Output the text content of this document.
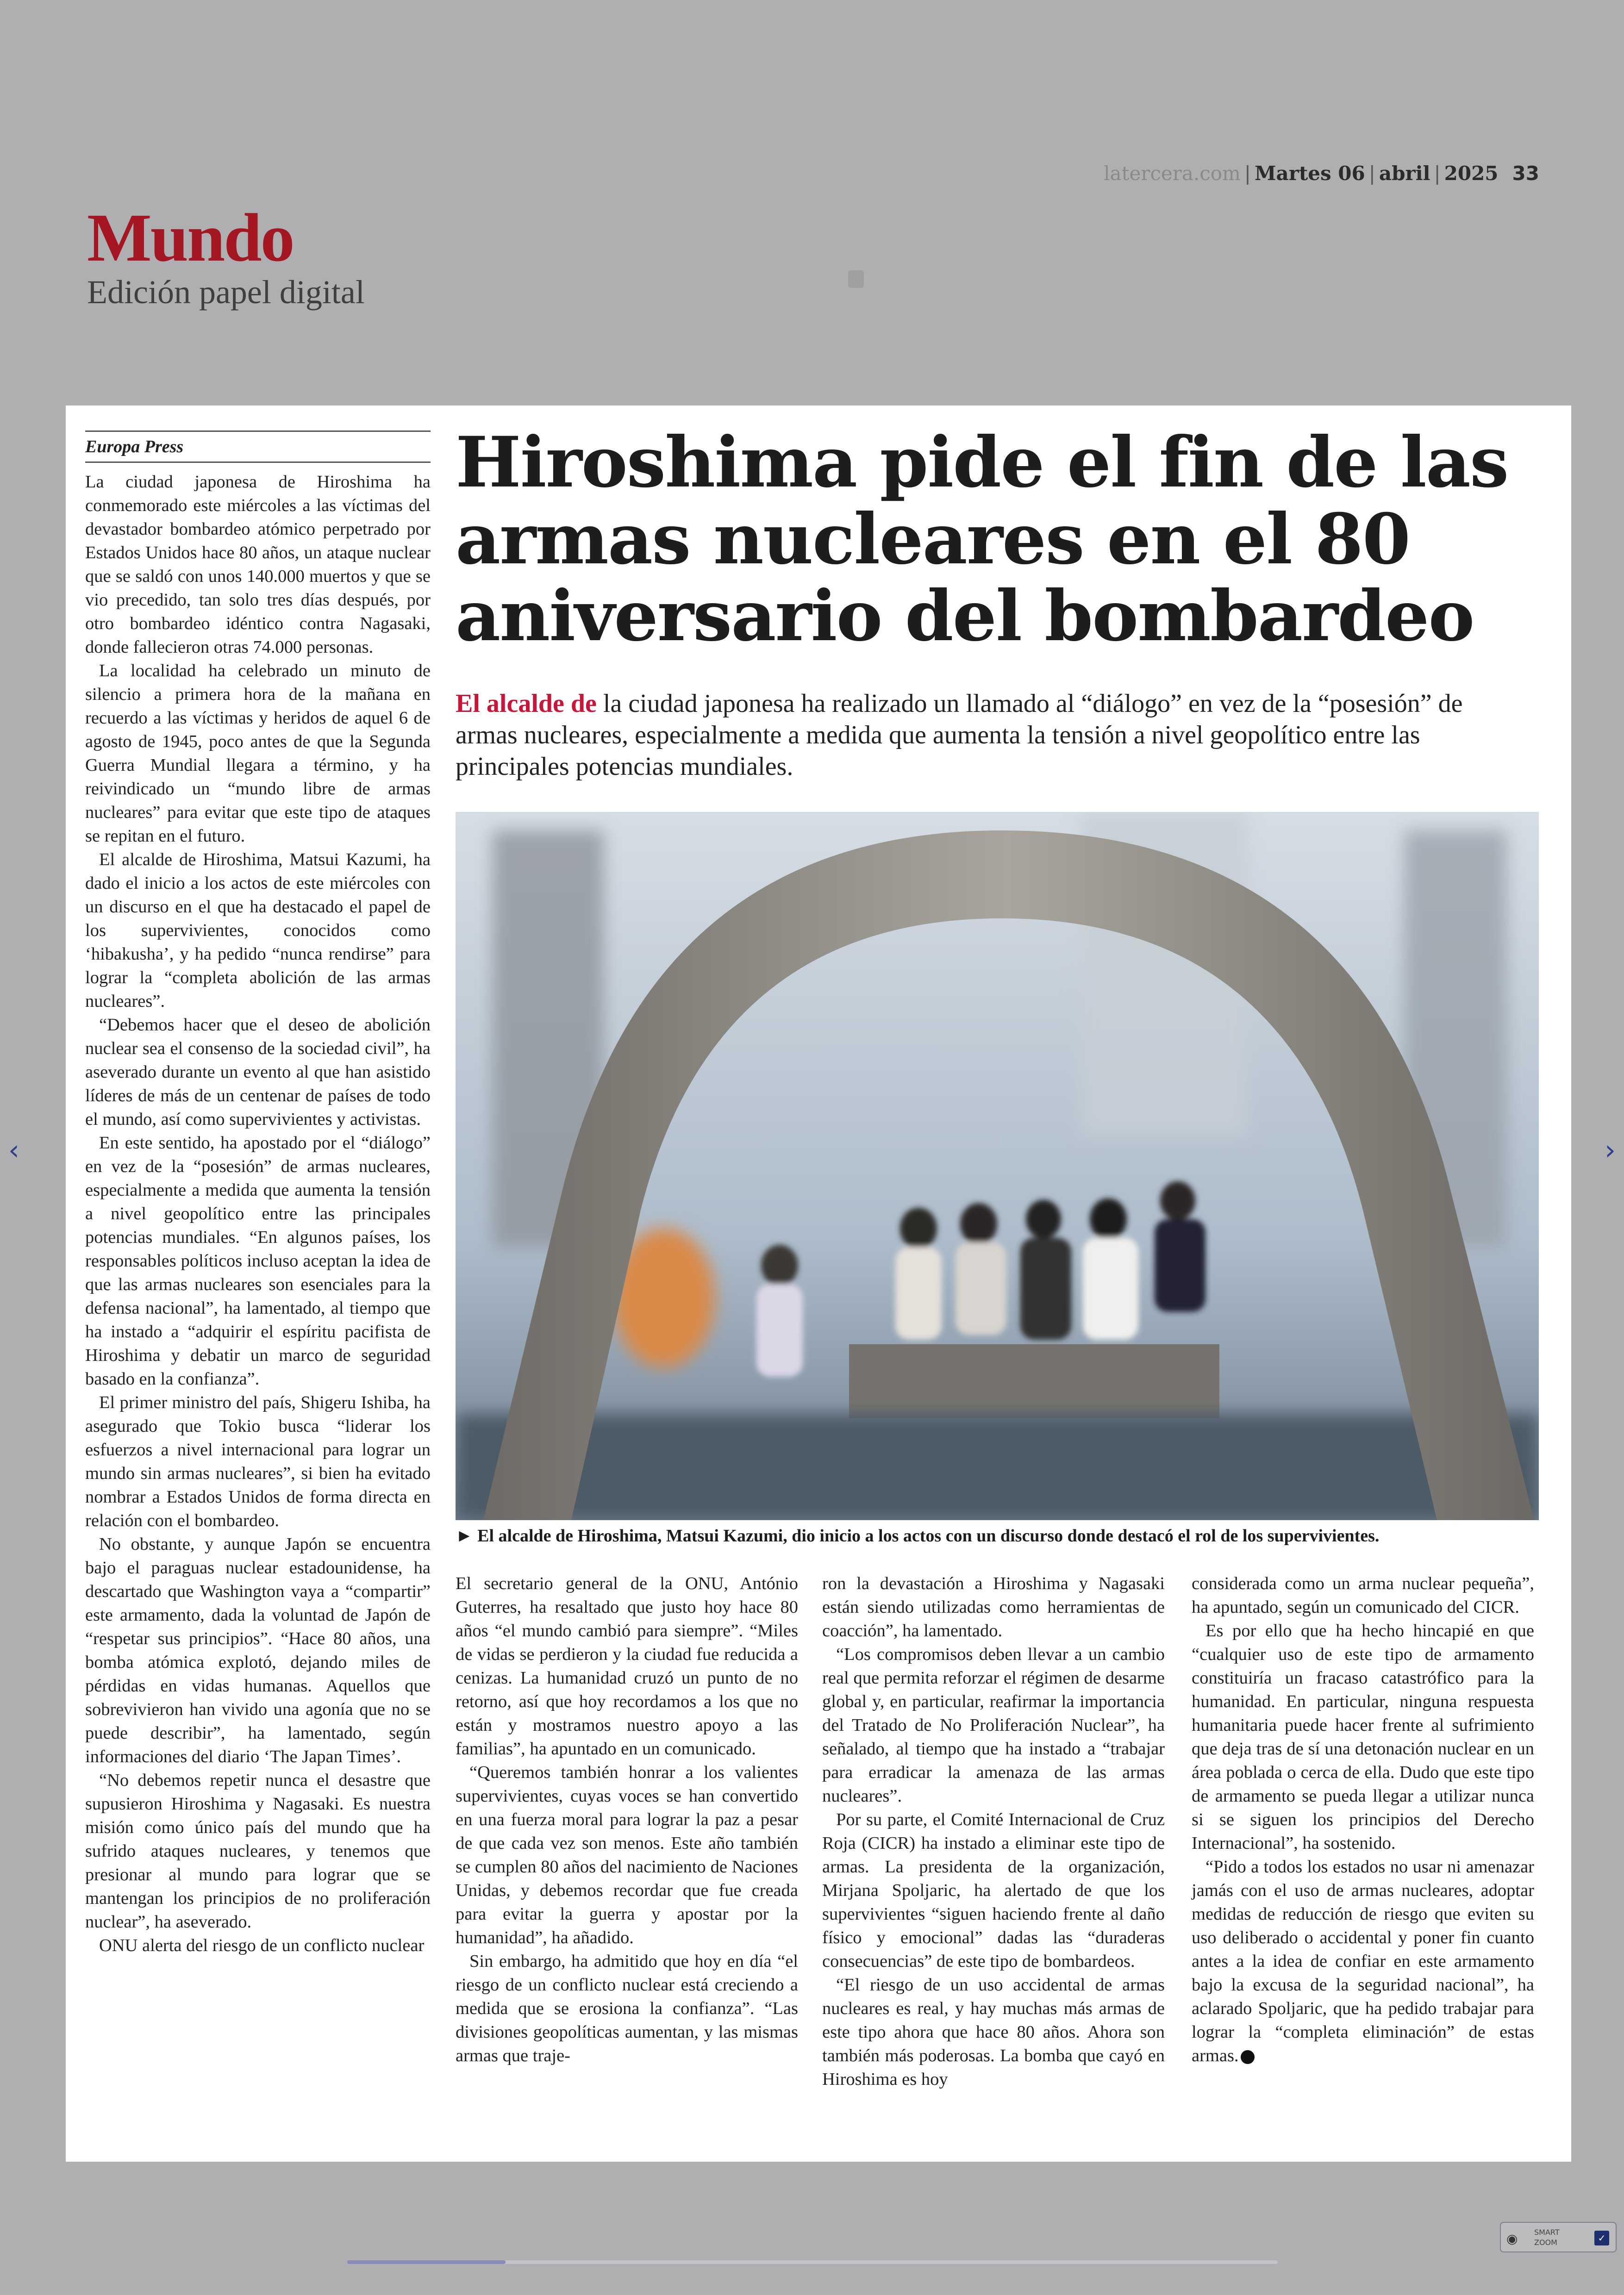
latercera.com | Martes 06 | abril | 2025 33
Mundo
Edición papel digital
‹	›
Europa Press

La ciudad japonesa de Hiroshima ha conmemorado este miércoles a las víctimas del devastador bombardeo atómico perpetrado por Estados Unidos hace 80 años, un ataque nuclear que se saldó con unos 140.000 muertos y que se vio precedido, tan solo tres días después, por otro bombardeo idéntico contra Nagasaki, donde fallecieron otras 74.000 personas.

La localidad ha celebrado un minuto de silencio a primera hora de la mañana en recuerdo a las víctimas y heridos de aquel 6 de agosto de 1945, poco antes de que la Segunda Guerra Mundial llegara a término, y ha reivindicado un “mundo libre de armas nucleares” para evitar que este tipo de ataques se repitan en el futuro.

El alcalde de Hiroshima, Matsui Kazumi, ha dado el inicio a los actos de este miércoles con un discurso en el que ha destacado el papel de los supervivientes, conocidos como ‘hibakusha’, y ha pedido “nunca rendirse” para lograr la “completa abolición de las armas nucleares”.

“Debemos hacer que el deseo de abolición nuclear sea el consenso de la sociedad civil”, ha aseverado durante un evento al que han asistido líderes de más de un centenar de países de todo el mundo, así como supervivientes y activistas.

En este sentido, ha apostado por el “diálogo” en vez de la “posesión” de armas nucleares, especialmente a medida que aumenta la tensión a nivel geopolítico entre las principales potencias mundiales. “En algunos países, los responsables políticos incluso aceptan la idea de que las armas nucleares son esenciales para la defensa nacional”, ha lamentado, al tiempo que ha instado a “adquirir el espíritu pacifista de Hiroshima y debatir un marco de seguridad basado en la confianza”.

El primer ministro del país, Shigeru Ishiba, ha asegurado que Tokio busca “liderar los esfuerzos a nivel internacional para lograr un mundo sin armas nucleares”, si bien ha evitado nombrar a Estados Unidos de forma directa en relación con el bombardeo.

No obstante, y aunque Japón se encuentra bajo el paraguas nuclear estadounidense, ha descartado que Washington vaya a “compartir” este armamento, dada la voluntad de Japón de “respetar sus principios”. “Hace 80 años, una bomba atómica explotó, dejando miles de pérdidas en vidas humanas. Aquellos que sobrevivieron han vivido una agonía que no se puede describir”, ha lamentado, según informaciones del diario ‘The Japan Times’.

“No debemos repetir nunca el desastre que supusieron Hiroshima y Nagasaki. Es nuestra misión como único país del mundo que ha sufrido ataques nucleares, y tenemos que presionar al mundo para lograr que se mantengan los principios de no proliferación nuclear”, ha aseverado.

ONU alerta del riesgo de un conflicto nuclear

Hiroshima pide el fin de las armas nucleares en el 80 aniversario del bombardeo
El alcalde de la ciudad japonesa ha realizado un llamado al “diálogo” en vez de la “posesión” de armas nucleares, especialmente a medida que aumenta la tensión a nivel geopolítico entre las principales potencias mundiales.
► El alcalde de Hiroshima, Matsui Kazumi, dio inicio a los actos con un discurso donde destacó el rol de los supervivientes.

El secretario general de la ONU, António Guterres, ha resaltado que justo hoy hace 80 años “el mundo cambió para siempre”. “Miles de vidas se perdieron y la ciudad fue reducida a cenizas. La humanidad cruzó un punto de no retorno, así que hoy recordamos a los que no están y mostramos nuestro apoyo a las familias”, ha apuntado en un comunicado.

“Queremos también honrar a los valientes supervivientes, cuyas voces se han convertido en una fuerza moral para lograr la paz a pesar de que cada vez son menos. Este año también se cumplen 80 años del nacimiento de Naciones Unidas, y debemos recordar que fue creada para evitar la guerra y apostar por la humanidad”, ha añadido.

Sin embargo, ha admitido que hoy en día “el riesgo de un conflicto nuclear está creciendo a medida que se erosiona la confianza”. “Las divisiones geopolíticas aumentan, y las mismas armas que traje-

ron la devastación a Hiroshima y Nagasaki están siendo utilizadas como herramientas de coacción”, ha lamentado.

“Los compromisos deben llevar a un cambio real que permita reforzar el régimen de desarme global y, en particular, reafirmar la importancia del Tratado de No Proliferación Nuclear”, ha señalado, al tiempo que ha instado a “trabajar para erradicar la amenaza de las armas nucleares”.

Por su parte, el Comité Internacional de Cruz Roja (CICR) ha instado a eliminar este tipo de armas. La presidenta de la organización, Mirjana Spoljaric, ha alertado de que los supervivientes “siguen haciendo frente al daño físico y emocional” dadas las “duraderas consecuencias” de este tipo de bombardeos.

“El riesgo de un uso accidental de armas nucleares es real, y hay muchas más armas de este tipo ahora que hace 80 años. Ahora son también más poderosas. La bomba que cayó en Hiroshima es hoy

considerada como un arma nuclear pequeña”, ha apuntado, según un comunicado del CICR.

Es por ello que ha hecho hincapié en que “cualquier uso de este tipo de armamento constituiría un fracaso catastrófico para la humanidad. En particular, ninguna respuesta humanitaria puede hacer frente al sufrimiento que deja tras de sí una detonación nuclear en un área poblada o cerca de ella. Dudo que este tipo de armamento se pueda llegar a utilizar nunca si se siguen los principios del Derecho Internacional”, ha sostenido.

“Pido a todos los estados no usar ni amenazar jamás con el uso de armas nucleares, adoptar medidas de reducción de riesgo que eviten su uso deliberado o accidental y poner fin cuanto antes a la idea de confiar en este armamento bajo la excusa de la seguridad nacional”, ha aclarado Spoljaric, que ha pedido trabajar para lograr la “completa eliminación” de estas armas.

◉ SMART
ZOOM	✓
